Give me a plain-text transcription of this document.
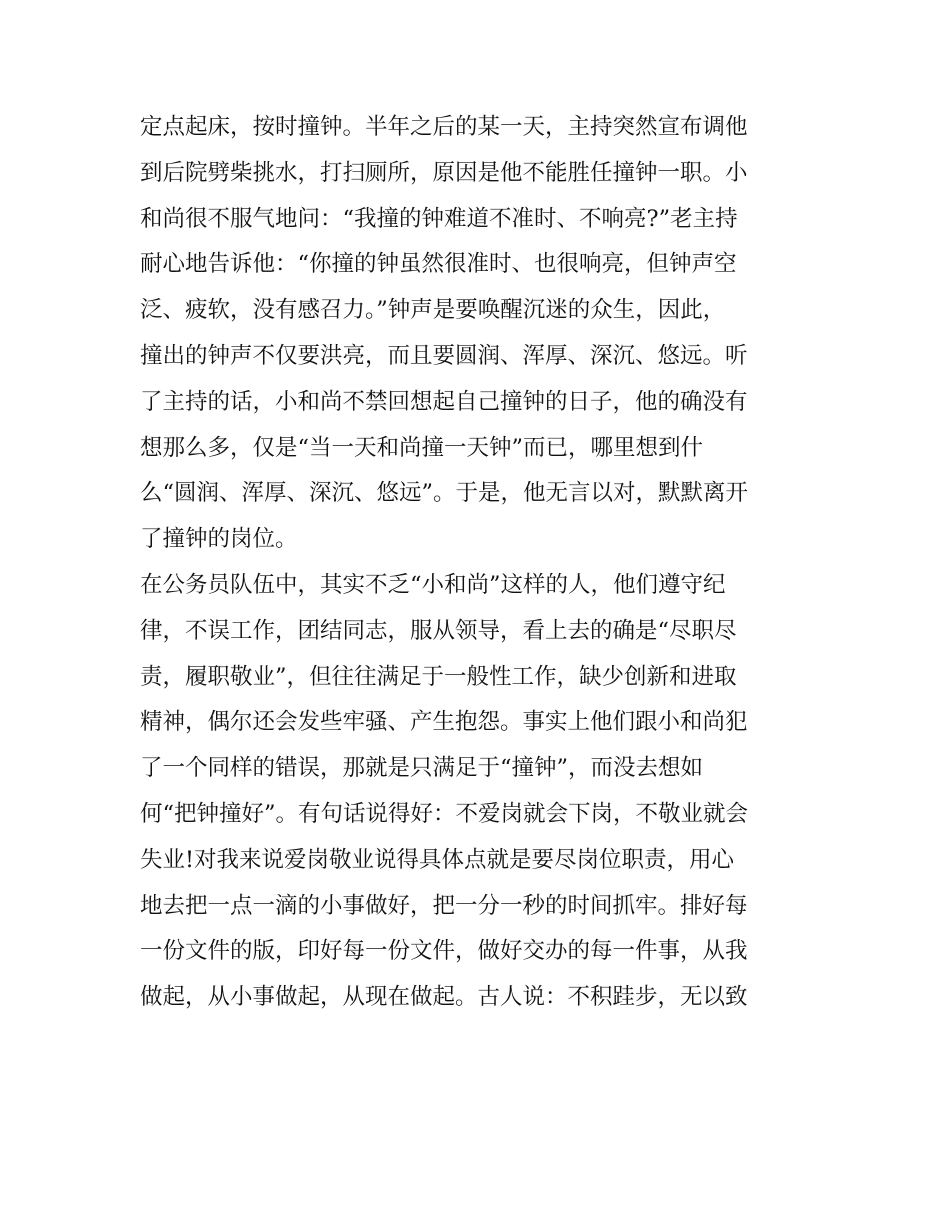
定点起床，按时撞钟。半年之后的某一天，主持突然宣布调他
到后院劈柴挑水，打扫厕所，原因是他不能胜任撞钟一职。小
和尚很不服气地问：“我撞的钟难道不准时、不响亮?”老主持
耐心地告诉他：“你撞的钟虽然很准时、也很响亮，但钟声空
泛、疲软，没有感召力。”钟声是要唤醒沉迷的众生，因此，
撞出的钟声不仅要洪亮，而且要圆润、浑厚、深沉、悠远。听
了主持的话，小和尚不禁回想起自己撞钟的日子，他的确没有
想那么多，仅是“当一天和尚撞一天钟”而已，哪里想到什
么“圆润、浑厚、深沉、悠远”。于是，他无言以对，默默离开
了撞钟的岗位。
在公务员队伍中，其实不乏“小和尚”这样的人，他们遵守纪
律，不误工作，团结同志，服从领导，看上去的确是“尽职尽
责，履职敬业”，但往往满足于一般性工作，缺少创新和进取
精神，偶尔还会发些牢骚、产生抱怨。事实上他们跟小和尚犯
了一个同样的错误，那就是只满足于“撞钟”，而没去想如
何“把钟撞好”。有句话说得好：不爱岗就会下岗，不敬业就会
失业!对我来说爱岗敬业说得具体点就是要尽岗位职责，用心
地去把一点一滴的小事做好，把一分一秒的时间抓牢。排好每
一份文件的版，印好每一份文件，做好交办的每一件事，从我
做起，从小事做起，从现在做起。古人说：不积跬步，无以致
